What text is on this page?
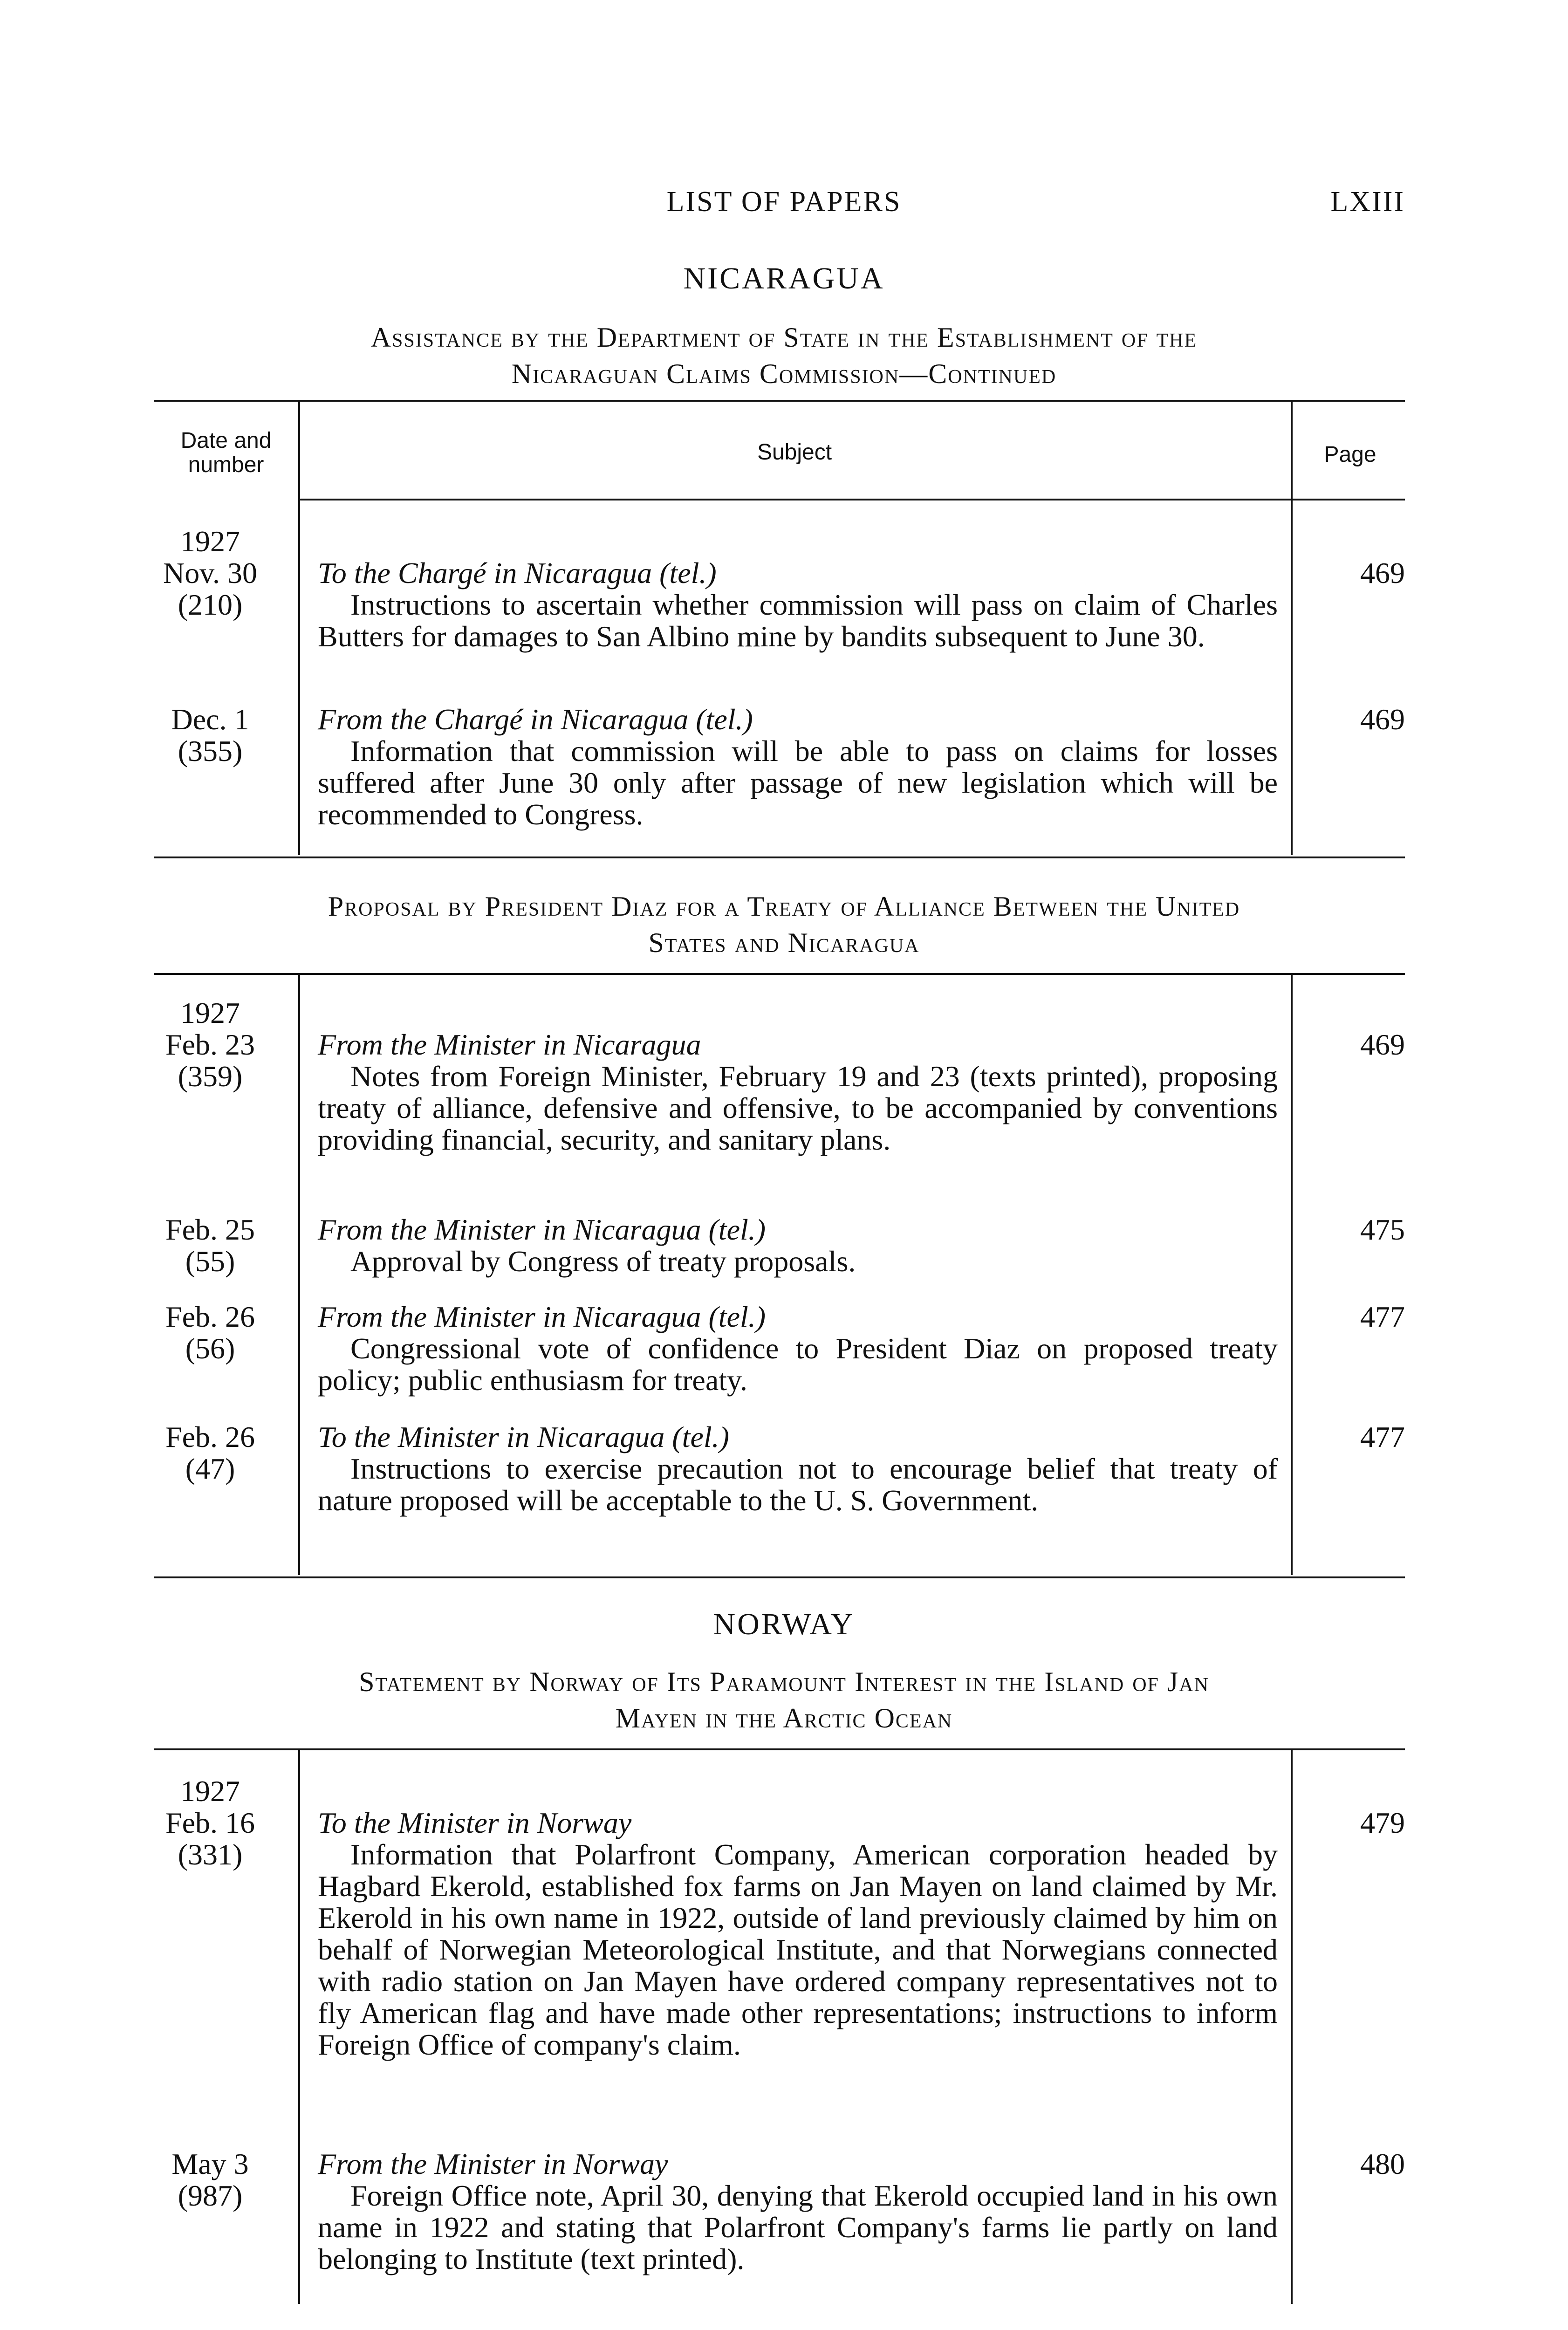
LIST OF PAPERS	LXIII
NICARAGUA
Assistance by the Department of State in the Establishment of the
Nicaraguan Claims Commission—Continued
Date and number
Subject	Page
1927
Nov. 30
(210)
To the Chargé in Nicaragua (tel.)
Instructions to ascertain whether commission will pass on claim of Charles Butters for damages to San Albino mine by bandits subsequent to June 30.
469
Dec. 1
(355)
From the Chargé in Nicaragua (tel.)
Information that commission will be able to pass on claims for losses suffered after June 30 only after passage of new legislation which will be recommended to Congress.
469
Proposal by President Diaz for a Treaty of Alliance Between the United
States and Nicaragua
1927
Feb. 23
(359)
From the Minister in Nicaragua
Notes from Foreign Minister, February 19 and 23 (texts printed), proposing treaty of alliance, defensive and offensive, to be accompanied by conventions providing financial, security, and sanitary plans.
469
Feb. 25
(55)
From the Minister in Nicaragua (tel.)
Approval by Congress of treaty proposals.
475
Feb. 26
(56)
From the Minister in Nicaragua (tel.)
Congressional vote of confidence to President Diaz on proposed treaty policy; public enthusiasm for treaty.
477
Feb. 26
(47)
To the Minister in Nicaragua (tel.)
Instructions to exercise precaution not to encourage belief that treaty of nature proposed will be acceptable to the U. S. Government.
477
NORWAY
Statement by Norway of Its Paramount Interest in the Island of Jan
Mayen in the Arctic Ocean
1927
Feb. 16
(331)
To the Minister in Norway
Information that Polarfront Company, American corporation headed by Hagbard Ekerold, established fox farms on Jan Mayen on land claimed by Mr. Ekerold in his own name in 1922, outside of land previously claimed by him on behalf of Norwegian Meteorological Institute, and that Norwegians connected with radio station on Jan Mayen have ordered company representatives not to fly American flag and have made other representations; instructions to inform Foreign Office of company's claim.
479
May 3
(987)
From the Minister in Norway
Foreign Office note, April 30, denying that Ekerold occupied land in his own name in 1922 and stating that Polarfront Company's farms lie partly on land belonging to Institute (text printed).
480
